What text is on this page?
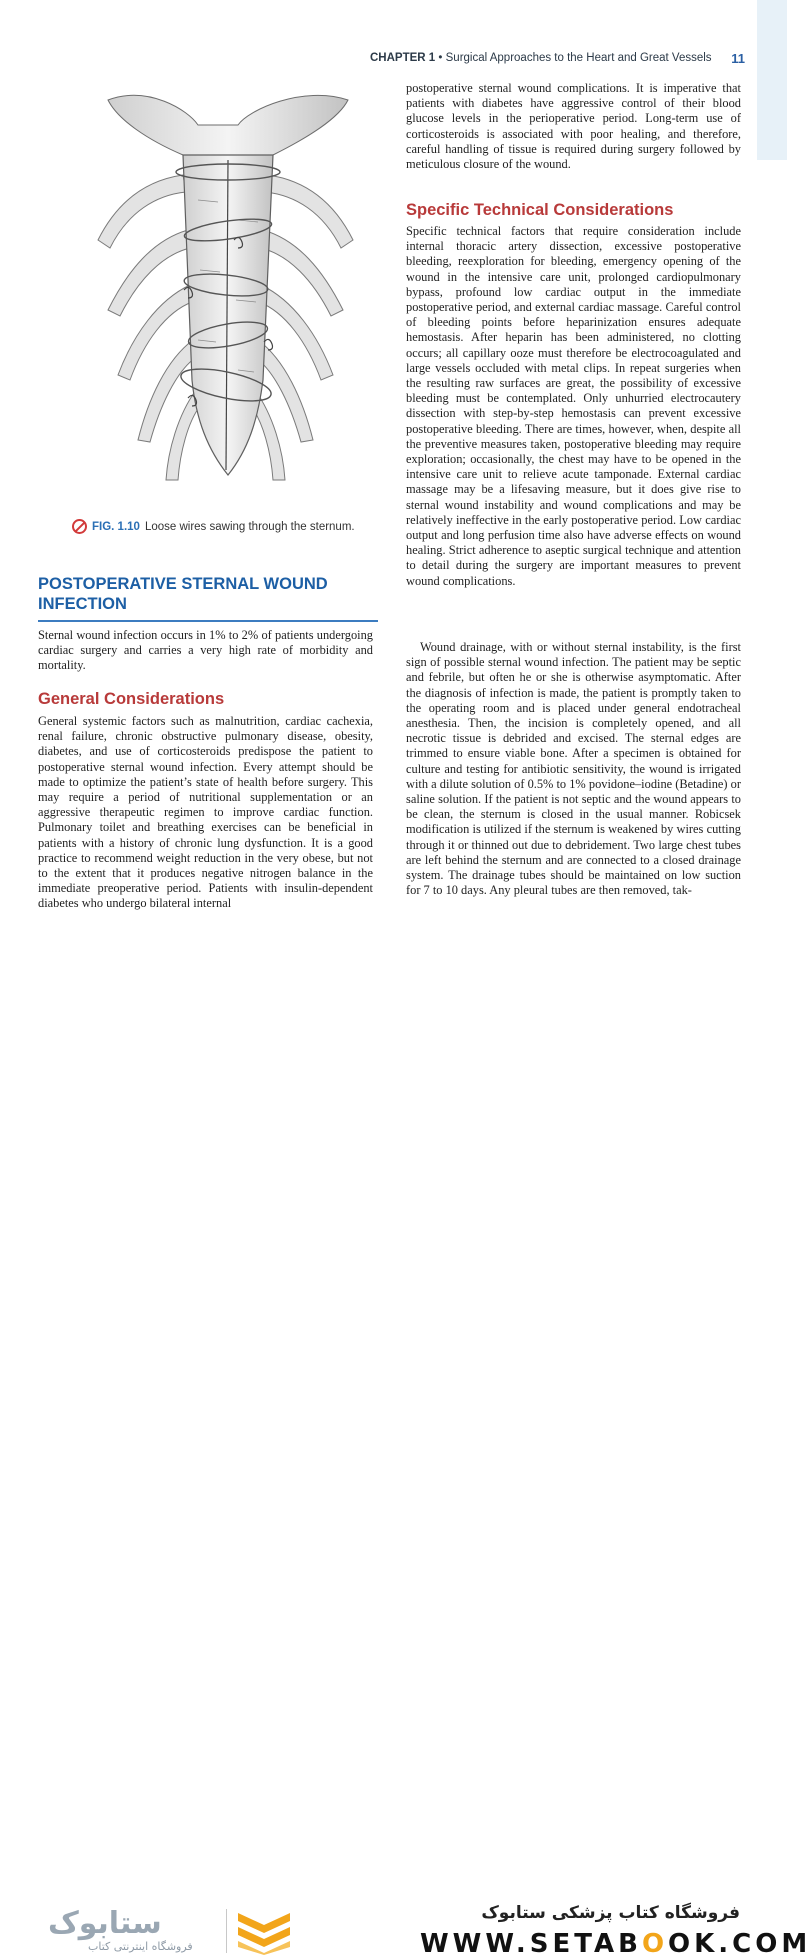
CHAPTER 1 • Surgical Approaches to the Heart and Great Vessels 11
FIG. 1.10 Loose wires sawing through the sternum.
POSTOPERATIVE STERNAL WOUND INFECTION

Sternal wound infection occurs in 1% to 2% of patients undergoing cardiac surgery and carries a very high rate of morbidity and mortality.

General Considerations

General systemic factors such as malnutrition, cardiac cachexia, renal failure, chronic obstructive pulmonary disease, obesity, diabetes, and use of corticosteroids predispose the patient to postoperative sternal wound infection. Every attempt should be made to optimize the patient’s state of health before surgery. This may require a period of nutritional supplementation or an aggressive therapeutic regimen to improve cardiac function. Pulmonary toilet and breathing exercises can be beneficial in patients with a history of chronic lung dysfunction. It is a good practice to recommend weight reduction in the very obese, but not to the extent that it produces negative nitrogen balance in the immediate preoperative period. Patients with insulin-dependent diabetes who undergo bilateral internal

postoperative sternal wound complications. It is imperative that patients with diabetes have aggressive control of their blood glucose levels in the perioperative period. Long-term use of corticosteroids is associated with poor healing, and therefore, careful handling of tissue is required during surgery followed by meticulous closure of the wound.

Specific Technical Considerations

Specific technical factors that require consideration include internal thoracic artery dissection, excessive postoperative bleeding, reexploration for bleeding, emergency opening of the wound in the intensive care unit, prolonged cardiopulmonary bypass, profound low cardiac output in the immediate postoperative period, and external cardiac massage. Careful control of bleeding points before heparinization ensures adequate hemostasis. After heparin has been administered, no clotting occurs; all capillary ooze must therefore be electrocoagulated and large vessels occluded with metal clips. In repeat surgeries when the resulting raw surfaces are great, the possibility of excessive bleeding must be contemplated. Only unhurried electrocautery dissection with step-by-step hemostasis can prevent excessive postoperative bleeding. There are times, however, when, despite all the preventive measures taken, postoperative bleeding may require exploration; occasionally, the chest may have to be opened in the intensive care unit to relieve acute tamponade. External cardiac massage may be a lifesaving measure, but it does give rise to sternal wound instability and wound complications and may be relatively ineffective in the early postoperative period. Low cardiac output and long perfusion time also have adverse effects on wound healing. Strict adherence to aseptic surgical technique and attention to detail during the surgery are important measures to prevent wound complications.

Wound drainage, with or without sternal instability, is the first sign of possible sternal wound infection. The patient may be septic and febrile, but often he or she is otherwise asymptomatic. After the diagnosis of infection is made, the patient is promptly taken to the operating room and is placed under general endotracheal anesthesia. Then, the incision is completely opened, and all necrotic tissue is debrided and excised. The sternal edges are trimmed to ensure viable bone. After a specimen is obtained for culture and testing for antibiotic sensitivity, the wound is irrigated with a dilute solution of 0.5% to 1% povidone–iodine (Betadine) or saline solution. If the patient is not septic and the wound appears to be clean, the sternum is closed in the usual manner. Robicsek modification is utilized if the sternum is weakened by wires cutting through it or thinned out due to debridement. Two large chest tubes are left behind the sternum and are connected to a closed drainage system. The drainage tubes should be maintained on low suction for 7 to 10 days. Any pleural tubes are then removed, tak-

ستابوک
فروشگاه اینترنتی کتاب
فروشگاه کتاب پزشکی ستابوک
WWW.SETABOOK.COM
